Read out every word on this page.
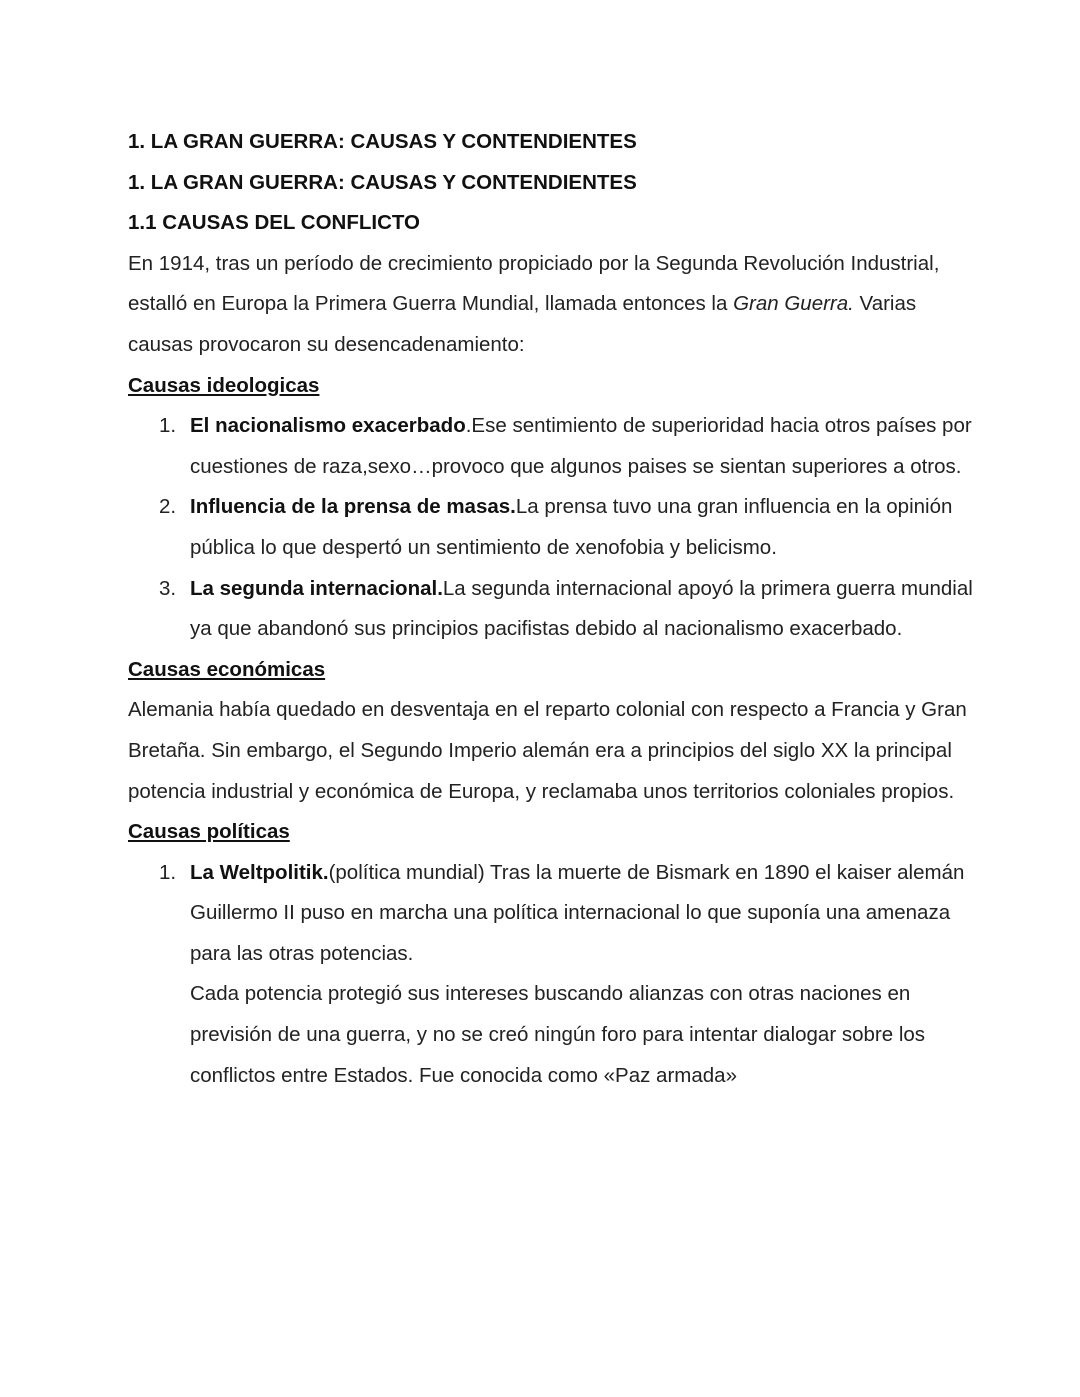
1. LA GRAN GUERRA: CAUSAS Y CONTENDIENTES
1. LA GRAN GUERRA: CAUSAS Y CONTENDIENTES
1.1 CAUSAS DEL CONFLICTO

En 1914, tras un período de crecimiento propiciado por la Segunda Revolución Industrial, estalló en Europa la Primera Guerra Mundial, llamada entonces la Gran Guerra. Varias causas provocaron su desencadenamiento:

Causas ideologicas
1. El nacionalismo exacerbado.Ese sentimiento de superioridad hacia otros países por cuestiones de raza,sexo…provoco que algunos paises se sientan superiores a otros.
2. Influencia de la prensa de masas.La prensa tuvo una gran influencia en la opinión pública lo que despertó un sentimiento de xenofobia y belicismo.
3. La segunda internacional.La segunda internacional apoyó la primera guerra mundial ya que abandonó sus principios pacifistas debido al nacionalismo exacerbado.
Causas económicas

Alemania había quedado en desventaja en el reparto colonial con respecto a Francia y Gran Bretaña. Sin embargo, el Segundo Imperio alemán era a principios del siglo XX la principal potencia industrial y económica de Europa, y reclamaba unos territorios coloniales propios.

Causas políticas
1. La Weltpolitik.(política mundial) Tras la muerte de Bismark en 1890 el kaiser alemán Guillermo II puso en marcha una política internacional lo que suponía una amenaza para las otras potencias.
Cada potencia protegió sus intereses buscando alianzas con otras naciones en previsión de una guerra, y no se creó ningún foro para intentar dialogar sobre los conflictos entre Estados. Fue conocida como «Paz armada»
